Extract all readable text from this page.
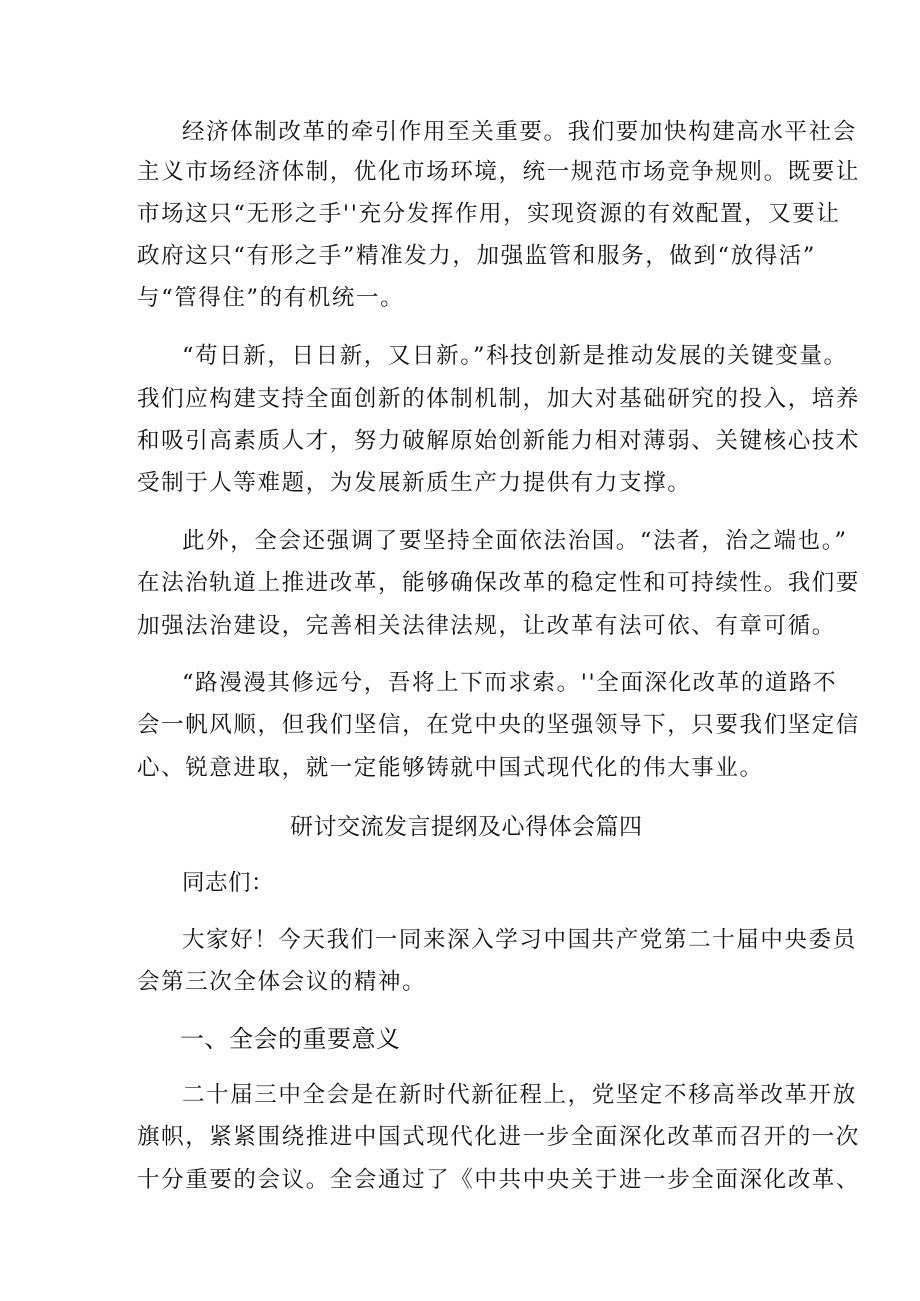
经济体制改革的牵引作用至关重要。我们要加快构建高水平社会
主义市场经济体制，优化市场环境，统一规范市场竞争规则。既要让
市场这只“无形之手''充分发挥作用，实现资源的有效配置，又要让
政府这只“有形之手”精准发力，加强监管和服务，做到“放得活”
与“管得住”的有机统一。
“苟日新，日日新，又日新。”科技创新是推动发展的关键变量。
我们应构建支持全面创新的体制机制，加大对基础研究的投入，培养
和吸引高素质人才，努力破解原始创新能力相对薄弱、关键核心技术
受制于人等难题，为发展新质生产力提供有力支撑。
此外，全会还强调了要坚持全面依法治国。“法者，治之端也。”
在法治轨道上推进改革，能够确保改革的稳定性和可持续性。我们要
加强法治建设，完善相关法律法规，让改革有法可依、有章可循。
“路漫漫其修远兮，吾将上下而求索。''全面深化改革的道路不
会一帆风顺，但我们坚信，在党中央的坚强领导下，只要我们坚定信
心、锐意进取，就一定能够铸就中国式现代化的伟大事业。
研讨交流发言提纲及心得体会篇四
同志们：
大家好！今天我们一同来深入学习中国共产党第二十届中央委员
会第三次全体会议的精神。
一、全会的重要意义
二十届三中全会是在新时代新征程上，党坚定不移高举改革开放
旗帜，紧紧围绕推进中国式现代化进一步全面深化改革而召开的一次
十分重要的会议。全会通过了《中共中央关于进一步全面深化改革、
